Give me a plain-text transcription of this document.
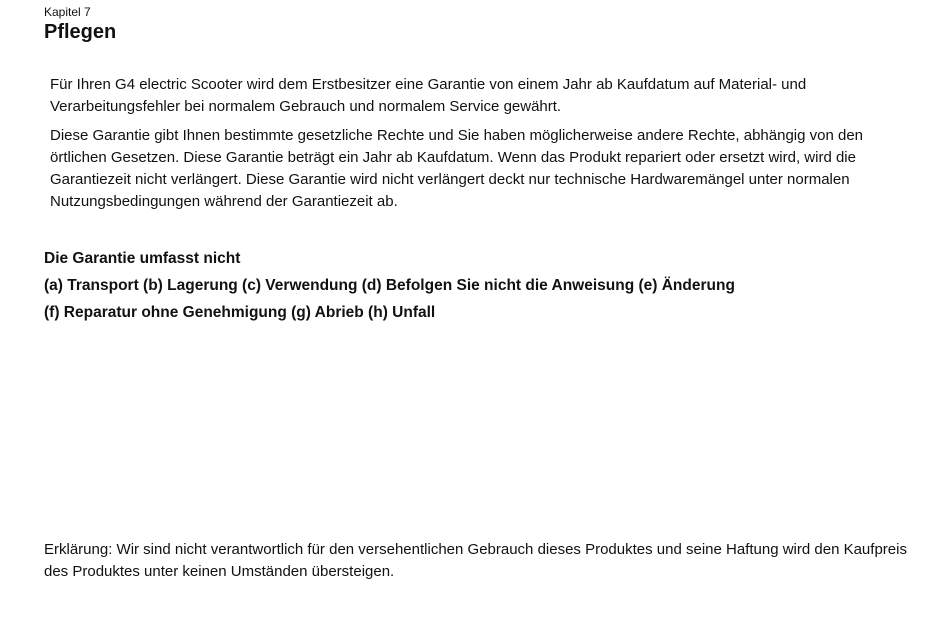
Kapitel 7
Pflegen
Für Ihren G4 electric Scooter wird dem Erstbesitzer eine Garantie von einem Jahr ab Kaufdatum auf Material- und Verarbeitungsfehler bei normalem Gebrauch und normalem Service gewährt.
Diese Garantie gibt Ihnen bestimmte gesetzliche Rechte und Sie haben möglicherweise andere Rechte, abhängig von den örtlichen Gesetzen. Diese Garantie beträgt ein Jahr ab Kaufdatum. Wenn das Produkt repariert oder ersetzt wird, wird die Garantiezeit nicht verlängert. Diese Garantie wird nicht verlängert deckt nur technische Hardwaremängel unter normalen Nutzungsbedingungen während der Garantiezeit ab.
Die Garantie umfasst nicht
(a) Transport (b) Lagerung (c) Verwendung (d) Befolgen Sie nicht die Anweisung (e) Änderung
(f) Reparatur ohne Genehmigung (g) Abrieb (h) Unfall
Erklärung: Wir sind nicht verantwortlich für den versehentlichen Gebrauch dieses Produktes und seine Haftung wird den Kaufpreis des Produktes unter keinen Umständen übersteigen.
